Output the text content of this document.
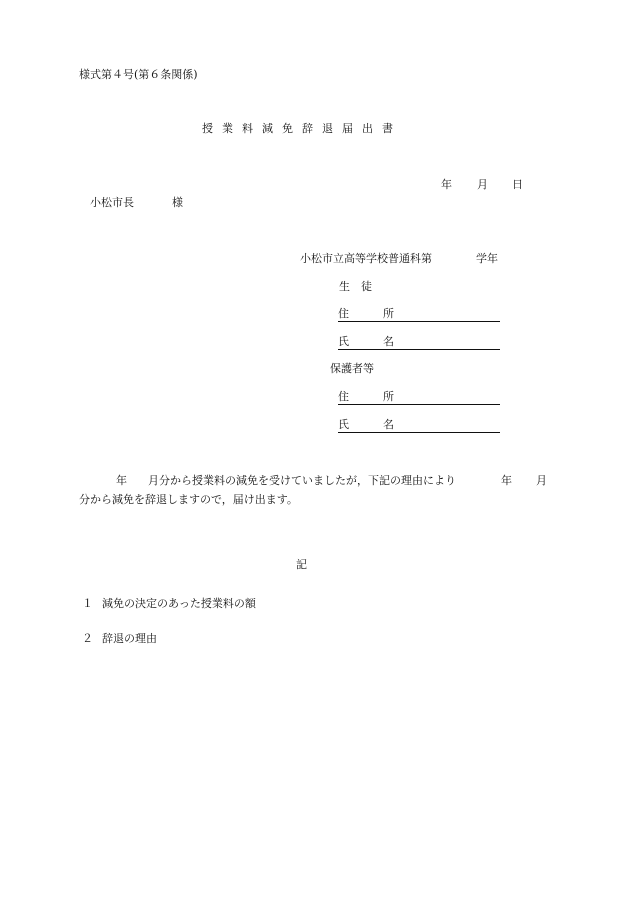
様式第４号(第６条関係)
授業料減免辞退届出書
年 月 日
小松市長	様
小松市立高等学校普通科第	学年
生　徒
住	所
氏	名
保護者等
住	所
氏	名
年 月分から授業料の減免を受けていましたが，下記の理由により	年 月
分から減免を辞退しますので，届け出ます。
記
１ 減免の決定のあった授業料の額
２ 辞退の理由
